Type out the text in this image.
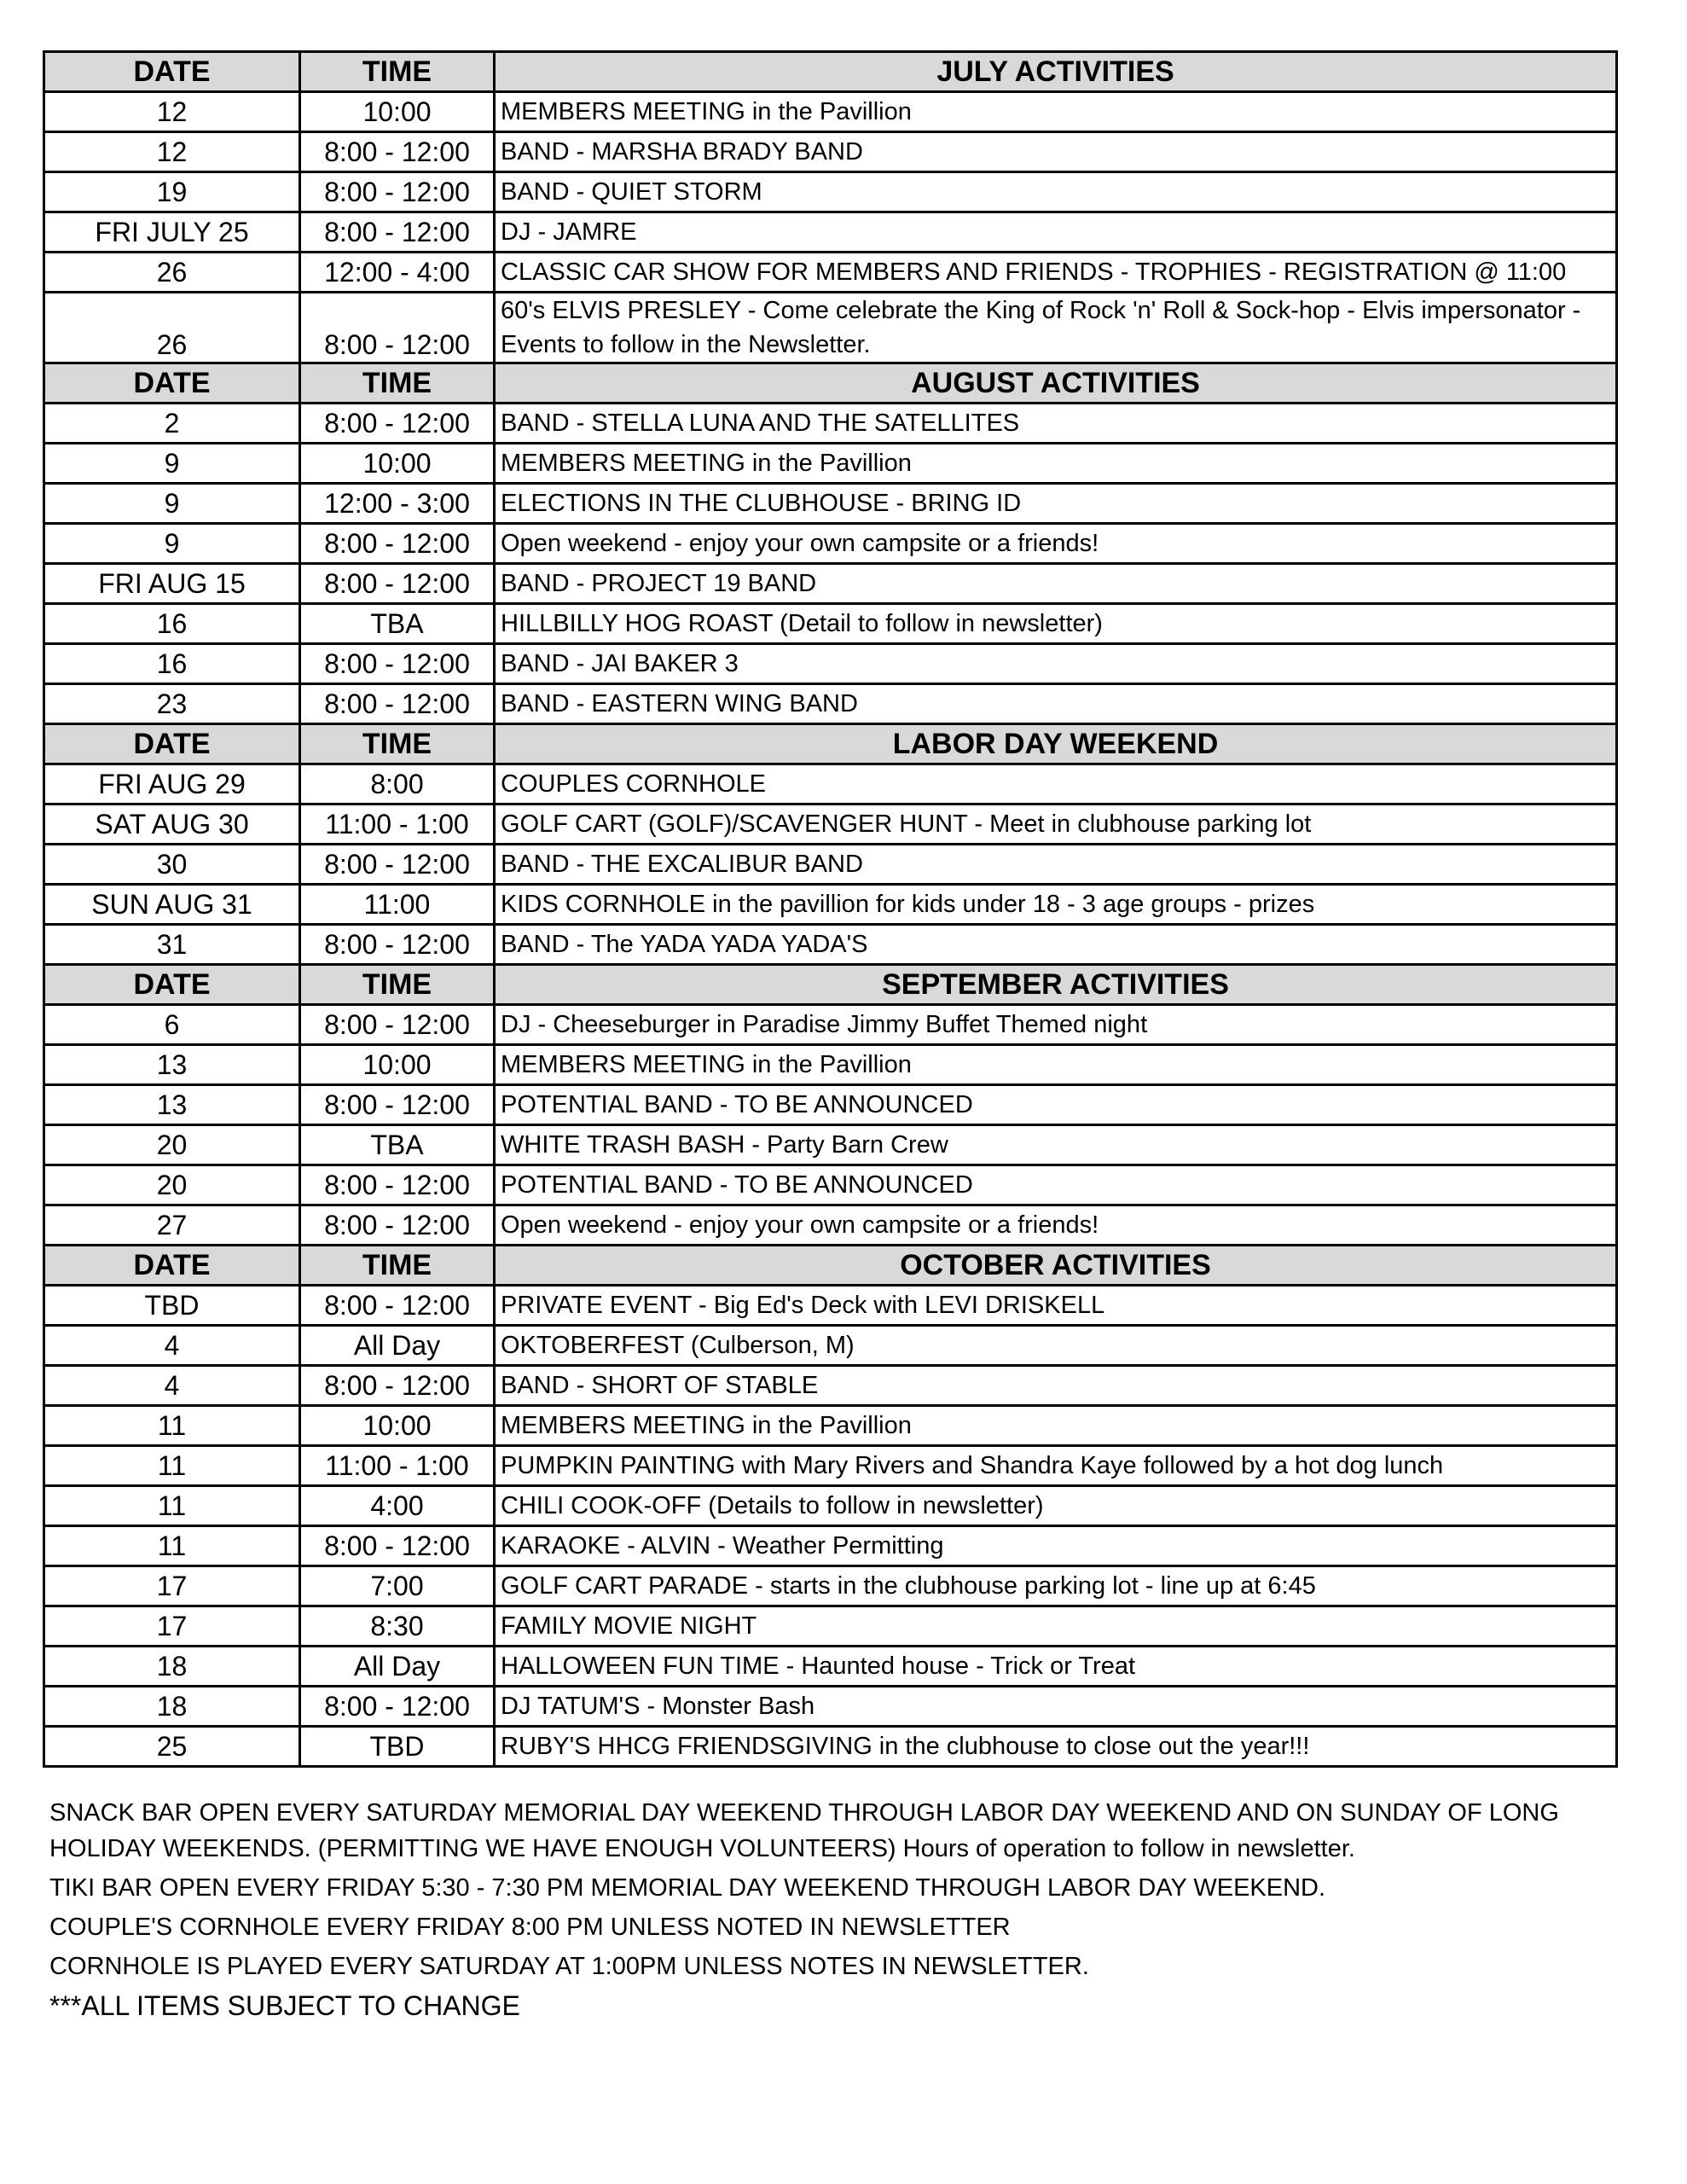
DATE	TIME	JULY ACTIVITIES
12	10:00	MEMBERS MEETING in the Pavillion
12	8:00 - 12:00	BAND - MARSHA BRADY BAND
19	8:00 - 12:00	BAND - QUIET STORM
FRI JULY 25	8:00 - 12:00	DJ - JAMRE
26	12:00 - 4:00	CLASSIC CAR SHOW FOR MEMBERS AND FRIENDS - TROPHIES - REGISTRATION @ 11:00
26	8:00 - 12:00	60's ELVIS PRESLEY - Come celebrate the King of Rock 'n' Roll & Sock-hop - Elvis impersonator - Events to follow in the Newsletter.
DATE	TIME	AUGUST ACTIVITIES
2	8:00 - 12:00	BAND - STELLA LUNA AND THE SATELLITES
9	10:00	MEMBERS MEETING in the Pavillion
9	12:00 - 3:00	ELECTIONS IN THE CLUBHOUSE - BRING ID
9	8:00 - 12:00	Open weekend - enjoy your own campsite or a friends!
FRI AUG 15	8:00 - 12:00	BAND - PROJECT 19 BAND
16	TBA	HILLBILLY HOG ROAST (Detail to follow in newsletter)
16	8:00 - 12:00	BAND - JAI BAKER 3
23	8:00 - 12:00	BAND - EASTERN WING BAND
DATE	TIME	LABOR DAY WEEKEND
FRI AUG 29	8:00	COUPLES CORNHOLE
SAT AUG 30	11:00 - 1:00	GOLF CART (GOLF)/SCAVENGER HUNT - Meet in clubhouse parking lot
30	8:00 - 12:00	BAND - THE EXCALIBUR BAND
SUN AUG 31	11:00	KIDS CORNHOLE in the pavillion for kids under 18 - 3 age groups - prizes
31	8:00 - 12:00	BAND - The YADA YADA YADA'S
DATE	TIME	SEPTEMBER ACTIVITIES
6	8:00 - 12:00	DJ - Cheeseburger in Paradise Jimmy Buffet Themed night
13	10:00	MEMBERS MEETING in the Pavillion
13	8:00 - 12:00	POTENTIAL BAND - TO BE ANNOUNCED
20	TBA	WHITE TRASH BASH - Party Barn Crew
20	8:00 - 12:00	POTENTIAL BAND - TO BE ANNOUNCED
27	8:00 - 12:00	Open weekend - enjoy your own campsite or a friends!
DATE	TIME	OCTOBER ACTIVITIES
TBD	8:00 - 12:00	PRIVATE EVENT - Big Ed's Deck with LEVI DRISKELL
4	All Day	OKTOBERFEST (Culberson, M)
4	8:00 - 12:00	BAND - SHORT OF STABLE
11	10:00	MEMBERS MEETING in the Pavillion
11	11:00 - 1:00	PUMPKIN PAINTING with Mary Rivers and Shandra Kaye followed by a hot dog lunch
11	4:00	CHILI COOK-OFF (Details to follow in newsletter)
11	8:00 - 12:00	KARAOKE - ALVIN - Weather Permitting
17	7:00	GOLF CART PARADE - starts in the clubhouse parking lot - line up at 6:45
17	8:30	FAMILY MOVIE NIGHT
18	All Day	HALLOWEEN FUN TIME - Haunted house - Trick or Treat
18	8:00 - 12:00	DJ TATUM'S - Monster Bash
25	TBD	RUBY'S HHCG FRIENDSGIVING in the clubhouse to close out the year!!!

SNACK BAR OPEN EVERY SATURDAY MEMORIAL DAY WEEKEND THROUGH LABOR DAY WEEKEND AND ON SUNDAY OF LONG HOLIDAY WEEKENDS. (PERMITTING WE HAVE ENOUGH VOLUNTEERS) Hours of operation to follow in newsletter.

TIKI BAR OPEN EVERY FRIDAY 5:30 - 7:30 PM MEMORIAL DAY WEEKEND THROUGH LABOR DAY WEEKEND.

COUPLE'S CORNHOLE EVERY FRIDAY 8:00 PM UNLESS NOTED IN NEWSLETTER

CORNHOLE IS PLAYED EVERY SATURDAY AT 1:00PM UNLESS NOTES IN NEWSLETTER.

***ALL ITEMS SUBJECT TO CHANGE
